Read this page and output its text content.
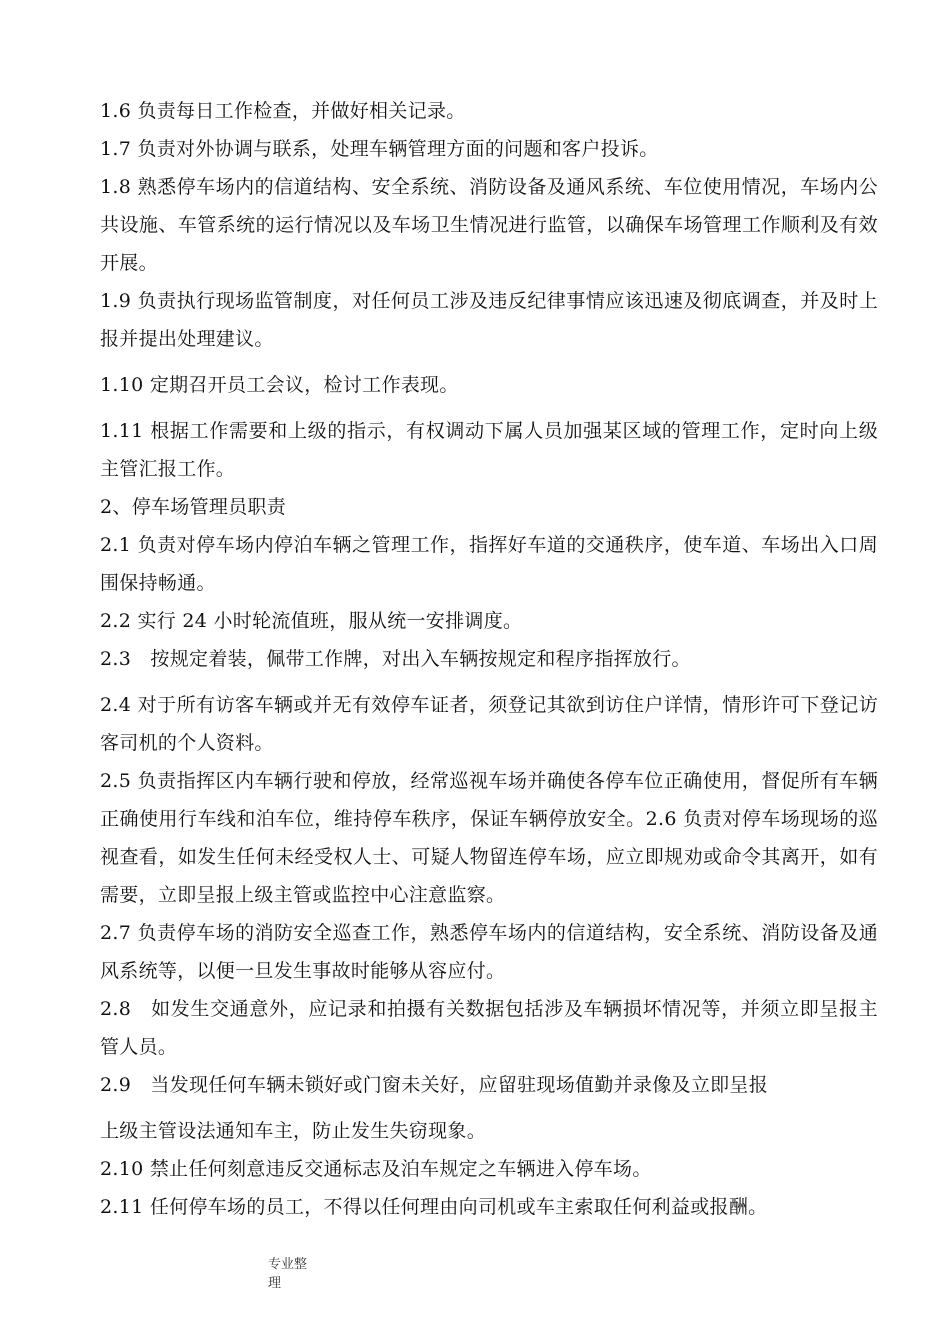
1.6 负责每日工作检查，并做好相关记录。

1.7 负责对外协调与联系，处理车辆管理方面的问题和客户投诉。

1.8 熟悉停车场内的信道结构、安全系统、消防设备及通风系统、车位使用情况，车场内公共设施、车管系统的运行情况以及车场卫生情况进行监管，以确保车场管理工作顺利及有效开展。

1.9 负责执行现场监管制度，对任何员工涉及违反纪律事情应该迅速及彻底调查，并及时上报并提出处理建议。

1.10 定期召开员工会议，检讨工作表现。

1.11 根据工作需要和上级的指示，有权调动下属人员加强某区域的管理工作，定时向上级主管汇报工作。

2、停车场管理员职责

2.1 负责对停车场内停泊车辆之管理工作，指挥好车道的交通秩序，使车道、车场出入口周围保持畅通。

2.2 实行 24 小时轮流值班，服从统一安排调度。

2.3　按规定着装，佩带工作牌，对出入车辆按规定和程序指挥放行。

2.4 对于所有访客车辆或并无有效停车证者，须登记其欲到访住户详情，情形许可下登记访客司机的个人资料。

2.5 负责指挥区内车辆行驶和停放，经常巡视车场并确使各停车位正确使用，督促所有车辆正确使用行车线和泊车位，维持停车秩序，保证车辆停放安全。2.6 负责对停车场现场的巡视查看，如发生任何未经受权人士、可疑人物留连停车场，应立即规劝或命令其离开，如有需要，立即呈报上级主管或监控中心注意监察。

2.7 负责停车场的消防安全巡查工作，熟悉停车场内的信道结构，安全系统、消防设备及通风系统等，以便一旦发生事故时能够从容应付。

2.8　如发生交通意外，应记录和拍摄有关数据包括涉及车辆损坏情况等，并须立即呈报主管人员。

2.9　当发现任何车辆未锁好或门窗未关好，应留驻现场值勤并录像及立即呈报

上级主管设法通知车主，防止发生失窃现象。

2.10 禁止任何刻意违反交通标志及泊车规定之车辆进入停车场。

2.11 任何停车场的员工，不得以任何理由向司机或车主索取任何利益或报酬。

专业整理
